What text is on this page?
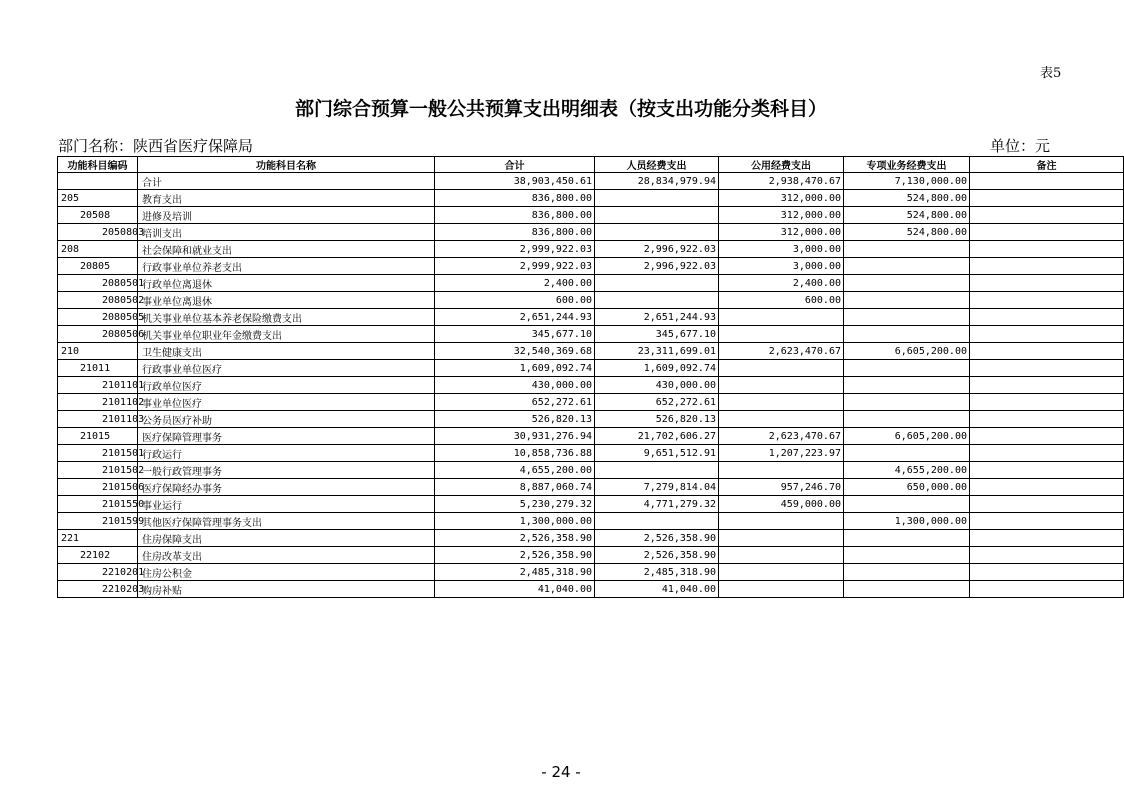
表5
部门综合预算一般公共预算支出明细表（按支出功能分类科目）
部门名称：陕西省医疗保障局	单位：元
功能科目编码	功能科目名称	合计	人员经费支出	公用经费支出	专项业务经费支出	备注
	合计	38,903,450.61	28,834,979.94	2,938,470.67	7,130,000.00	
205	教育支出	836,800.00		312,000.00	524,800.00	
20508	进修及培训	836,800.00		312,000.00	524,800.00	
2050803	培训支出	836,800.00		312,000.00	524,800.00	
208	社会保障和就业支出	2,999,922.03	2,996,922.03	3,000.00		
20805	行政事业单位养老支出	2,999,922.03	2,996,922.03	3,000.00		
2080501	行政单位离退休	2,400.00		2,400.00		
2080502	事业单位离退休	600.00		600.00		
2080505	机关事业单位基本养老保险缴费支出	2,651,244.93	2,651,244.93			
2080506	机关事业单位职业年金缴费支出	345,677.10	345,677.10			
210	卫生健康支出	32,540,369.68	23,311,699.01	2,623,470.67	6,605,200.00	
21011	行政事业单位医疗	1,609,092.74	1,609,092.74			
2101101	行政单位医疗	430,000.00	430,000.00			
2101102	事业单位医疗	652,272.61	652,272.61			
2101103	公务员医疗补助	526,820.13	526,820.13			
21015	医疗保障管理事务	30,931,276.94	21,702,606.27	2,623,470.67	6,605,200.00	
2101501	行政运行	10,858,736.88	9,651,512.91	1,207,223.97		
2101502	一般行政管理事务	4,655,200.00			4,655,200.00	
2101506	医疗保障经办事务	8,887,060.74	7,279,814.04	957,246.70	650,000.00	
2101550	事业运行	5,230,279.32	4,771,279.32	459,000.00		
2101599	其他医疗保障管理事务支出	1,300,000.00			1,300,000.00	
221	住房保障支出	2,526,358.90	2,526,358.90			
22102	住房改革支出	2,526,358.90	2,526,358.90			
2210201	住房公积金	2,485,318.90	2,485,318.90			
2210203	购房补贴	41,040.00	41,040.00			
- 24 -
